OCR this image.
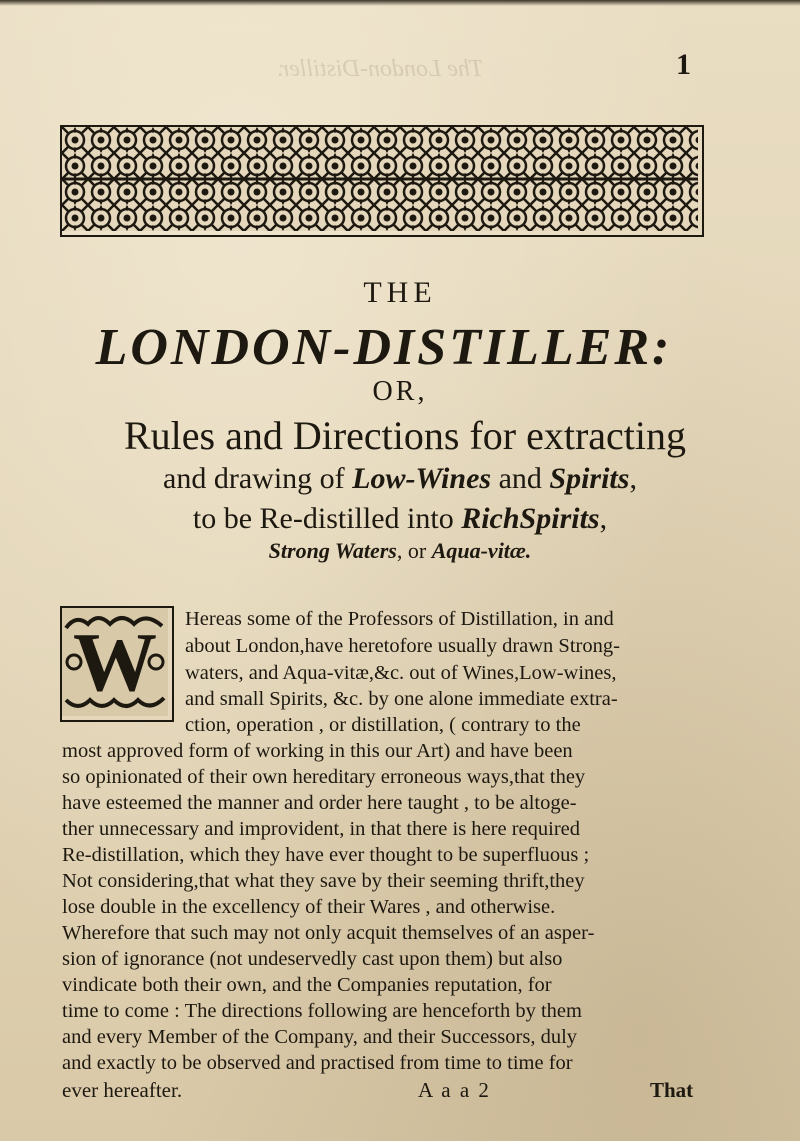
The London-Distiller.	1
THE
LONDON-DISTILLER:
OR,
Rules and Directions for extracting
and drawing of Low-Wines and Spirits,
to be Re-distilled into RichSpirits,
Strong Waters, or Aqua-vitæ.
W Hereas some of the Professors of Distillation, in and
about London,have heretofore usually drawn Strong-
waters, and Aqua-vitæ,&c. out of Wines,Low-wines,
and small Spirits, &c. by one alone immediate extra-
ction, operation , or distillation, ( contrary to the
most approved form of working in this our Art) and have been
so opinionated of their own hereditary erroneous ways,that they
have esteemed the manner and order here taught , to be altoge-
ther unnecessary and improvident, in that there is here required
Re-distillation, which they have ever thought to be superfluous ;
Not considering,that what they save by their seeming thrift,they
lose double in the excellency of their Wares , and otherwise.
Wherefore that such may not only acquit themselves of an asper-
sion of ignorance (not undeservedly cast upon them) but also
vindicate both their own, and the Companies reputation, for
time to come : The directions following are henceforth by them
and every Member of the Company, and their Successors, duly
and exactly to be observed and practised from time to time for
ever hereafter.	A a a 2	That
